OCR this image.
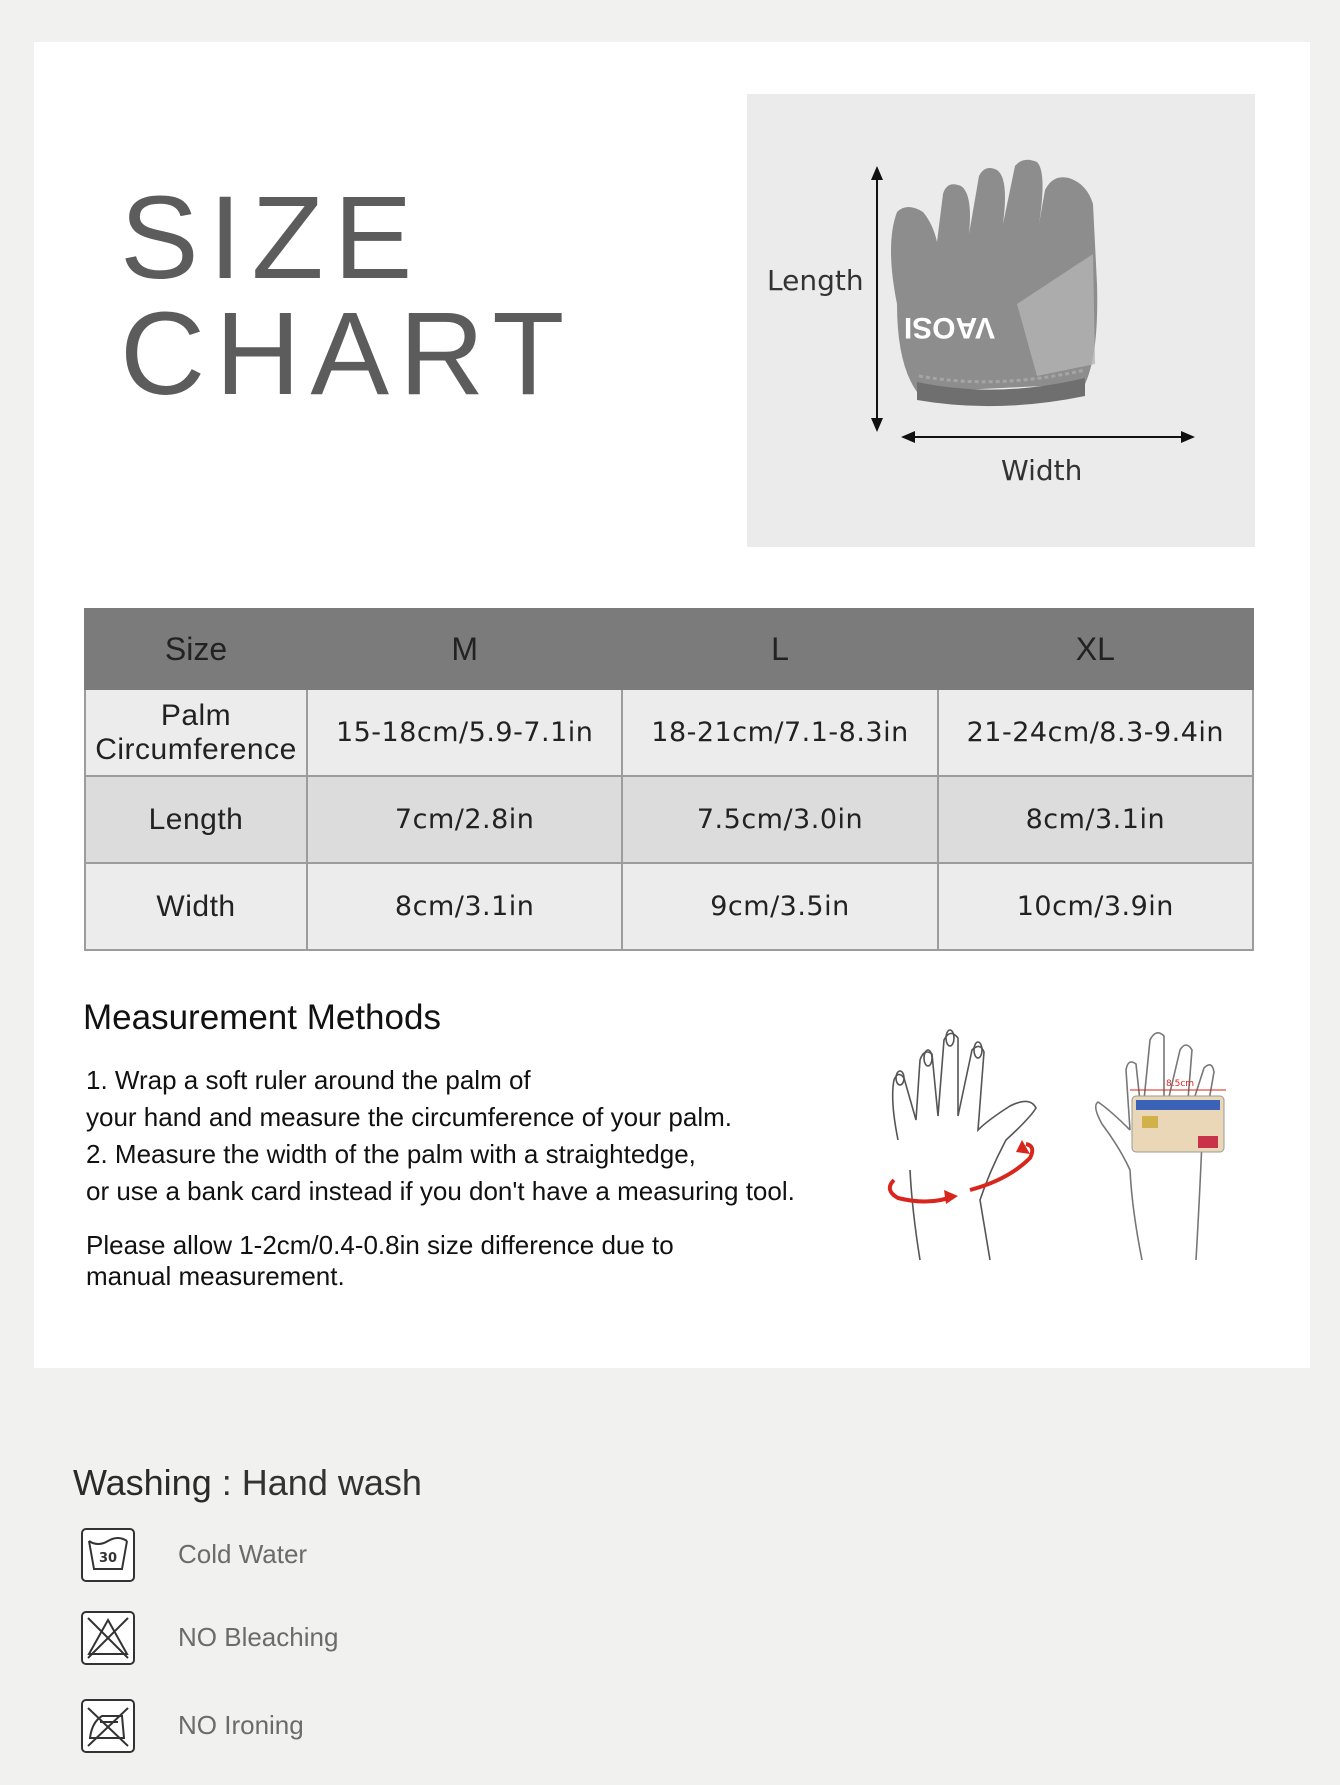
SIZE
CHART	VAOSI
Length
Width
Size	M	L	XL

Palm
Circumference	15-18cm/5.9-7.1in	18-21cm/7.1-8.3in	21-24cm/8.3-9.4in
Length	7cm/2.8in	7.5cm/3.0in	8cm/3.1in
Width	8cm/3.1in	9cm/3.5in	10cm/3.9in
Measurement Methods
1. Wrap a soft ruler around the palm of
your hand and measure the circumference of your palm.
2. Measure the width of the palm with a straightedge,
or use a bank card instead if you don't have a measuring tool.
Please allow 1-2cm/0.4-0.8in size difference due to
manual measurement.
8.5cm
Washing : Hand wash
30 Cold Water
NO Bleaching
NO Ironing
